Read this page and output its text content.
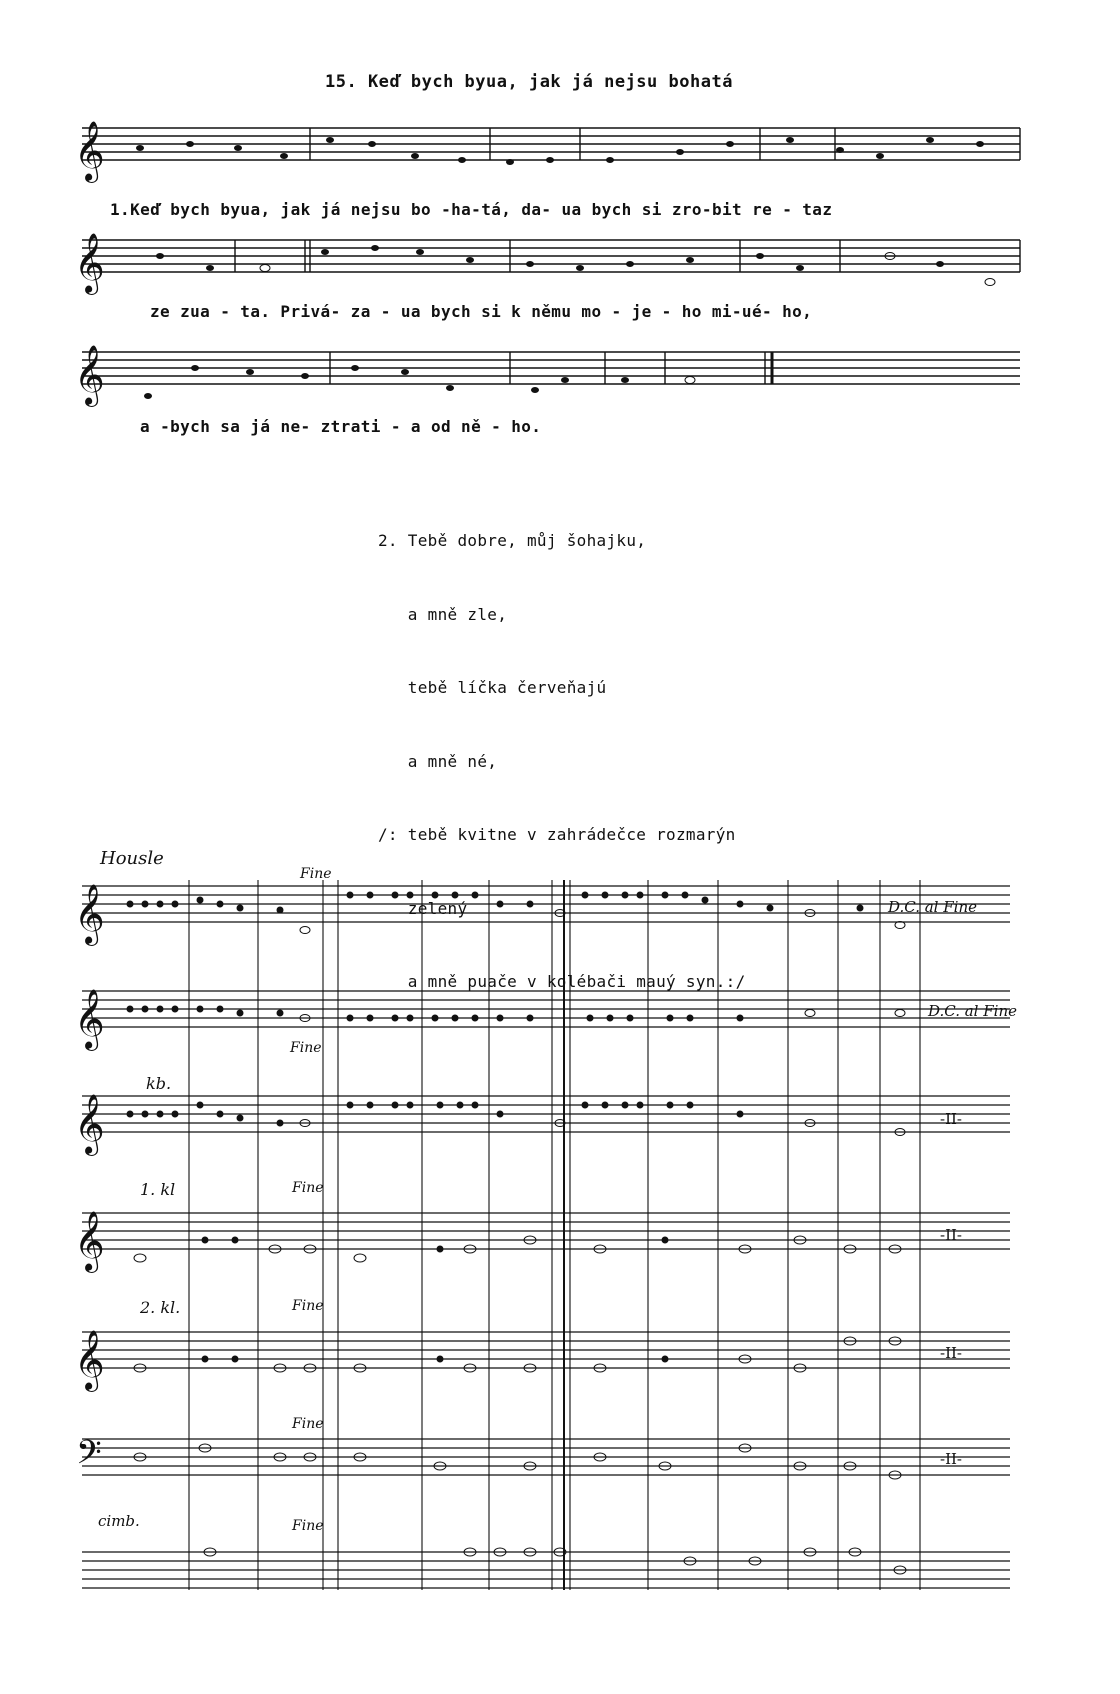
15. Keď bych byua, jak já nejsu bohatá
𝄞
𝄞
𝄞
1.Keď bych byua, jak já nejsu bo -ha-tá, da- ua bych si zro-bit re - taz
ze zua - ta. Privá- za - ua bych si k němu mo - je - ho mi-ué- ho,
a -bych sa já ne- ztrati - a od ně - ho.

2. Tebě dobre, můj šohajku,

a mně zle,

tebě líčka červeňajú

a mně né,

/: tebě kvitne v zahrádečce rozmarýn

zelený

a mně puače v kolébači mauý syn.:/

𝄞
𝄞
𝄞
𝄞
𝄞
𝄢
Housle
kb.
1. kl
2. kl.
cimb.
Fine
Fine
Fine
Fine
Fine
Fine
D.C. al Fine
D.C. al Fine
-II-
-II-
-II-
-II-
